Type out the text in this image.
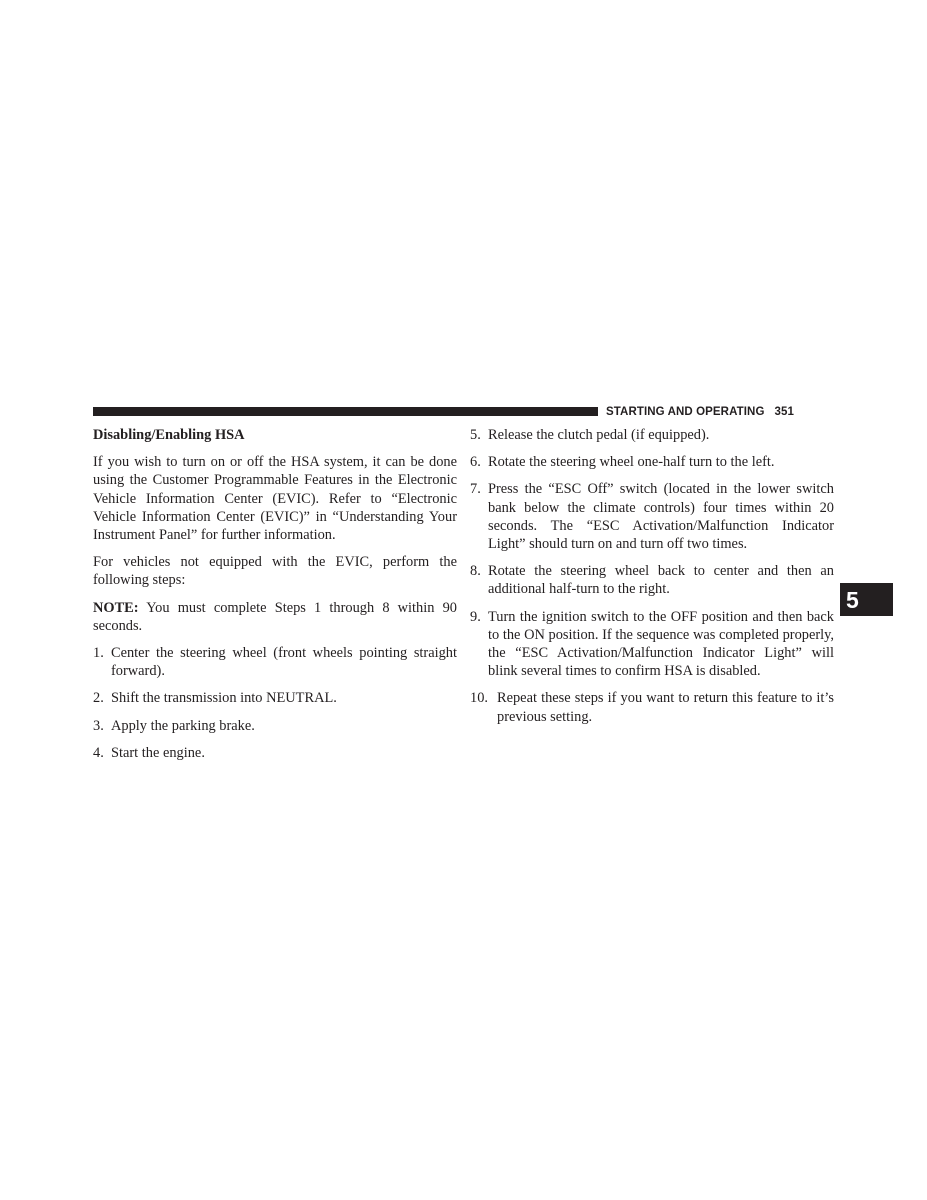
STARTING AND OPERATING 351
5
Disabling/Enabling HSA

If you wish to turn on or off the HSA system, it can be done using the Customer Programmable Features in the Electronic Vehicle Information Center (EVIC). Refer to “Electronic Vehicle Information Center (EVIC)” in “Understanding Your Instrument Panel” for further information.

For vehicles not equipped with the EVIC, perform the following steps:

NOTE: You must complete Steps 1 through 8 within 90 seconds.

1. Center the steering wheel (front wheels pointing straight forward).
2. Shift the transmission into NEUTRAL.
3. Apply the parking brake.
4. Start the engine.
5. Release the clutch pedal (if equipped).
6. Rotate the steering wheel one-half turn to the left.
7. Press the “ESC Off” switch (located in the lower switch bank below the climate controls) four times within 20 seconds. The “ESC Activation/Malfunction Indicator Light” should turn on and turn off two times.
8. Rotate the steering wheel back to center and then an additional half-turn to the right.
9. Turn the ignition switch to the OFF position and then back to the ON position. If the sequence was completed properly, the “ESC Activation/Malfunction Indicator Light” will blink several times to confirm HSA is disabled.
10. Repeat these steps if you want to return this feature to it’s previous setting.
